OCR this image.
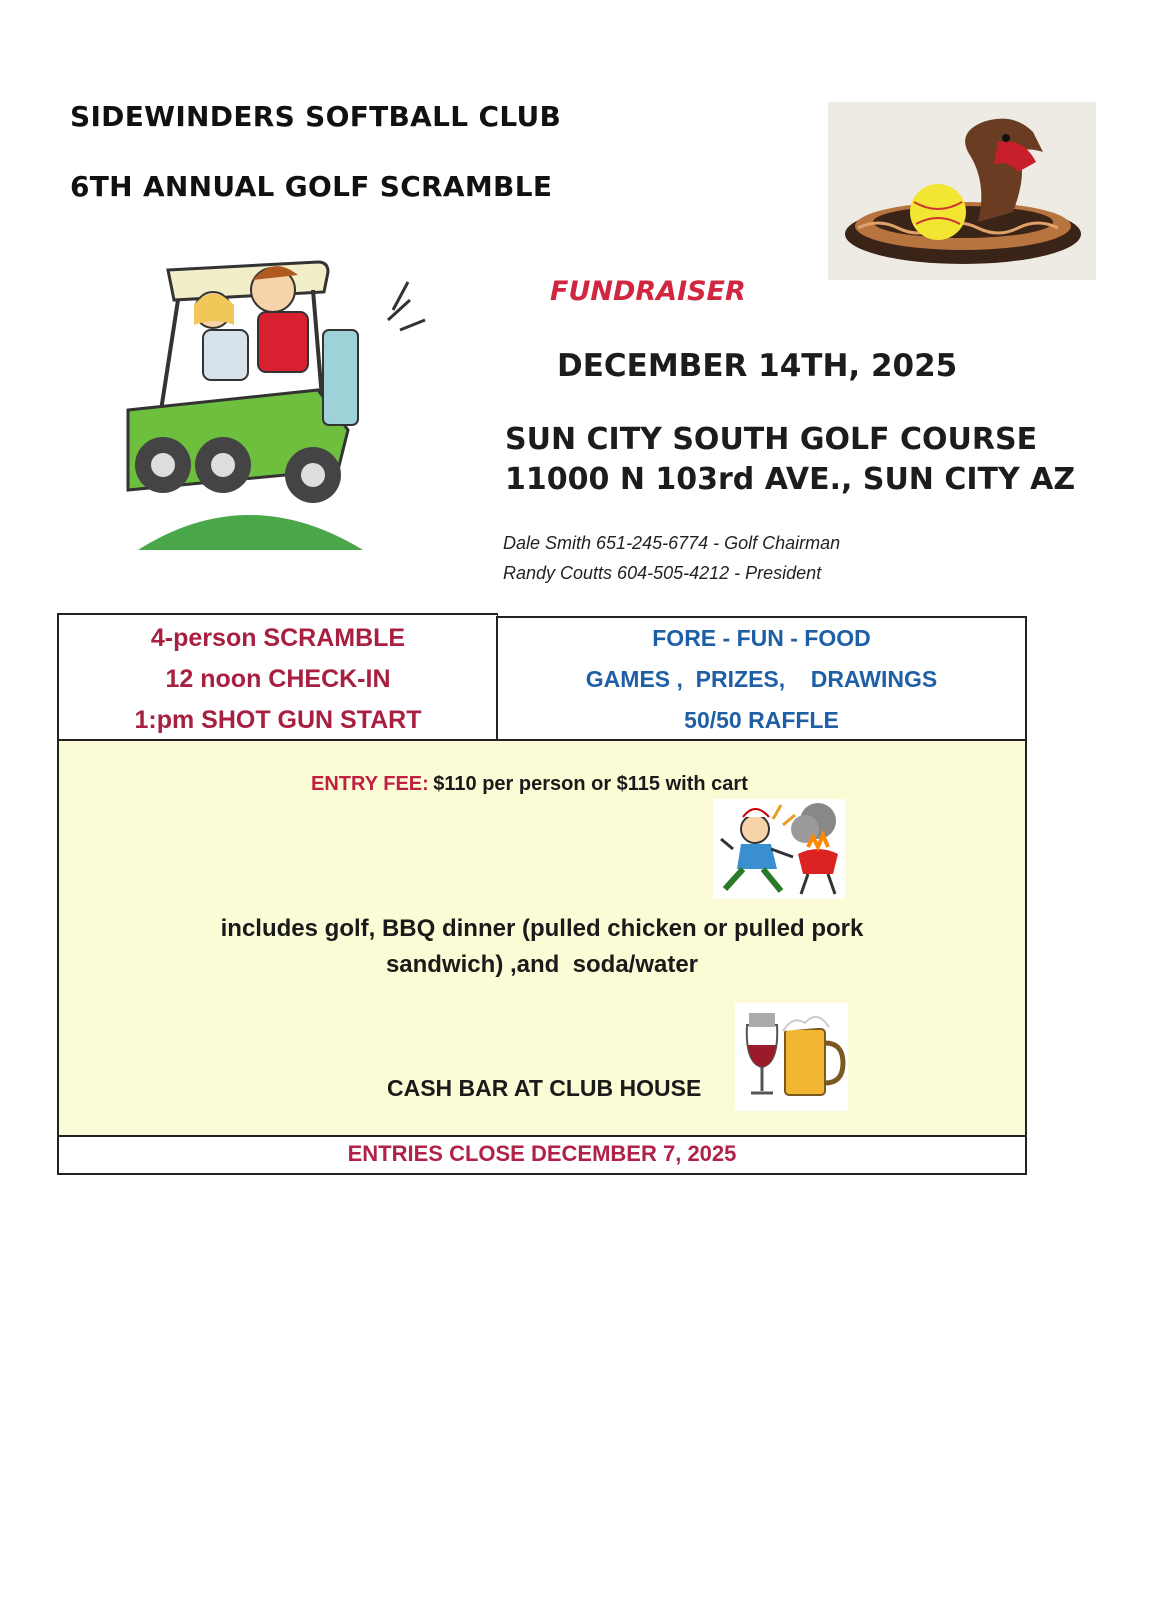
SIDEWINDERS SOFTBALL CLUB
6TH ANNUAL GOLF SCRAMBLE
FUNDRAISER
DECEMBER 14TH, 2025
SUN CITY SOUTH GOLF COURSE
11000 N 103rd AVE., SUN CITY AZ
Dale Smith 651-245-6774 - Golf Chairman
Randy Coutts 604-505-4212 - President
4-person SCRAMBLE
12 noon CHECK-IN
1:pm SHOT GUN START
FORE - FUN - FOOD
GAMES ,  PRIZES,    DRAWINGS
50/50 RAFFLE
ENTRY FEE: $110 per person or $115 with cart
includes golf, BBQ dinner (pulled chicken or pulled pork
sandwich) ,and  soda/water
CASH BAR AT CLUB HOUSE
ENTRIES CLOSE DECEMBER 7, 2025
